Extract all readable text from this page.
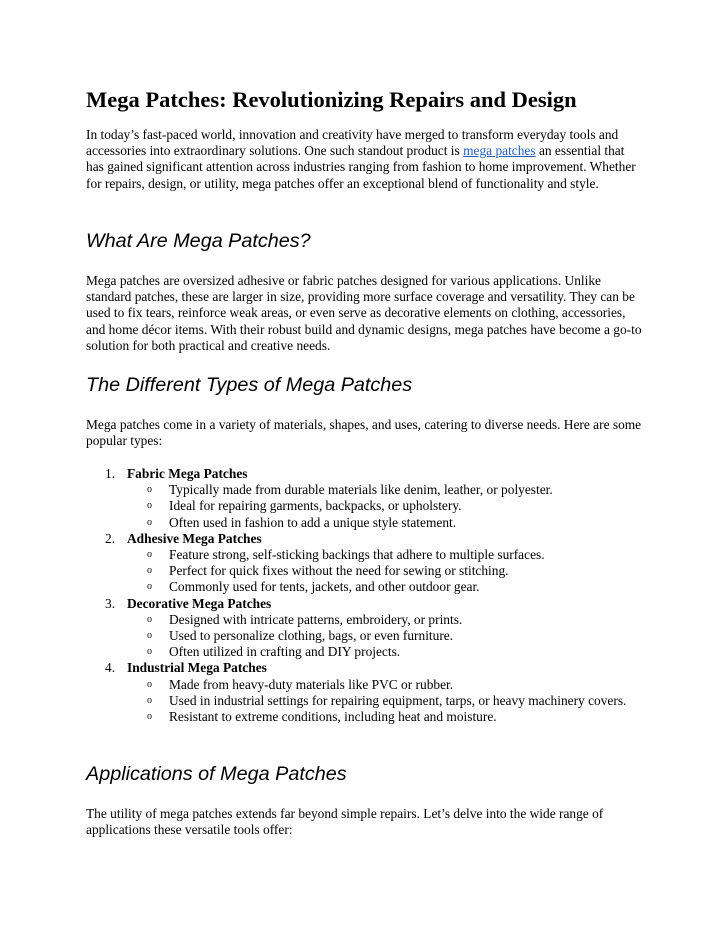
Mega Patches: Revolutionizing Repairs and Design

In today’s fast-paced world, innovation and creativity have merged to transform everyday tools and accessories into extraordinary solutions. One such standout product is mega patches an essential that has gained significant attention across industries ranging from fashion to home improvement. Whether for repairs, design, or utility, mega patches offer an exceptional blend of functionality and style.

What Are Mega Patches?

Mega patches are oversized adhesive or fabric patches designed for various applications. Unlike standard patches, these are larger in size, providing more surface coverage and versatility. They can be used to fix tears, reinforce weak areas, or even serve as decorative elements on clothing, accessories, and home décor items. With their robust build and dynamic designs, mega patches have become a go-to solution for both practical and creative needs.

The Different Types of Mega Patches

Mega patches come in a variety of materials, shapes, and uses, catering to diverse needs. Here are some popular types:

1. Fabric Mega Patches
o Typically made from durable materials like denim, leather, or polyester.
o Ideal for repairing garments, backpacks, or upholstery.
o Often used in fashion to add a unique style statement.
2. Adhesive Mega Patches
o Feature strong, self-sticking backings that adhere to multiple surfaces.
o Perfect for quick fixes without the need for sewing or stitching.
o Commonly used for tents, jackets, and other outdoor gear.
3. Decorative Mega Patches
o Designed with intricate patterns, embroidery, or prints.
o Used to personalize clothing, bags, or even furniture.
o Often utilized in crafting and DIY projects.
4. Industrial Mega Patches
o Made from heavy-duty materials like PVC or rubber.
o Used in industrial settings for repairing equipment, tarps, or heavy machinery covers.
o Resistant to extreme conditions, including heat and moisture.
Applications of Mega Patches

The utility of mega patches extends far beyond simple repairs. Let’s delve into the wide range of applications these versatile tools offer:
